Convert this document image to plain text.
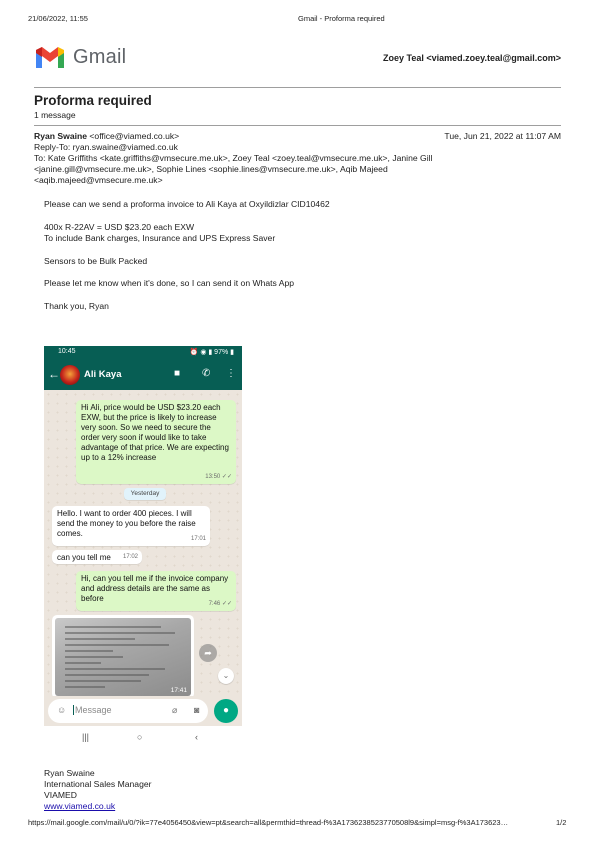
21/06/2022, 11:55	Gmail - Proforma required
Gmail	Zoey Teal <viamed.zoey.teal@gmail.com>
Proforma required
1 message
Ryan Swaine <office@viamed.co.uk>	Tue, Jun 21, 2022 at 11:07 AM
Reply-To: ryan.swaine@viamed.co.uk
To: Kate Griffiths <kate.griffiths@vmsecure.me.uk>, Zoey Teal <zoey.teal@vmsecure.me.uk>, Janine Gill
<janine.gill@vmsecure.me.uk>, Sophie Lines <sophie.lines@vmsecure.me.uk>, Aqib Majeed
<aqib.majeed@vmsecure.me.uk>
Please can we send a proforma invoice to Ali Kaya at Oxyildizlar CID10462
400x R-22AV = USD $23.20 each EXW
To include Bank charges, Insurance and UPS Express Saver
Sensors to be Bulk Packed
Please let me know when it's done, so I can send it on Whats App
Thank you, Ryan
10:45	⏰ ◉ ▮ 97% ▮
←	Ali Kaya	■ ✆ ⋮
Hi Ali, price would be USD $23.20 each EXW, but the price is likely to increase very soon. So we need to secure the order very soon if would like to take advantage of that price. We are expecting up to a 12% increase
13:50 ✓✓
Yesterday
Hello. I want to order 400 pieces. I will send the money to you before the raise comes.
17:01
can you tell me 17:02
Hi, can you tell me if the invoice company and address details are the same as before
7:46 ✓✓
17:41
➦
⌄
☺ Message	⌀ ◙	●
|||	○	‹
Ryan Swaine
International Sales Manager
VIAMED
www.viamed.co.uk
https://mail.google.com/mail/u/0/?ik=77e4056450&view=pt&search=all&permthid=thread-f%3A1736238523770508l9&simpl=msg-f%3A173623…	1/2
